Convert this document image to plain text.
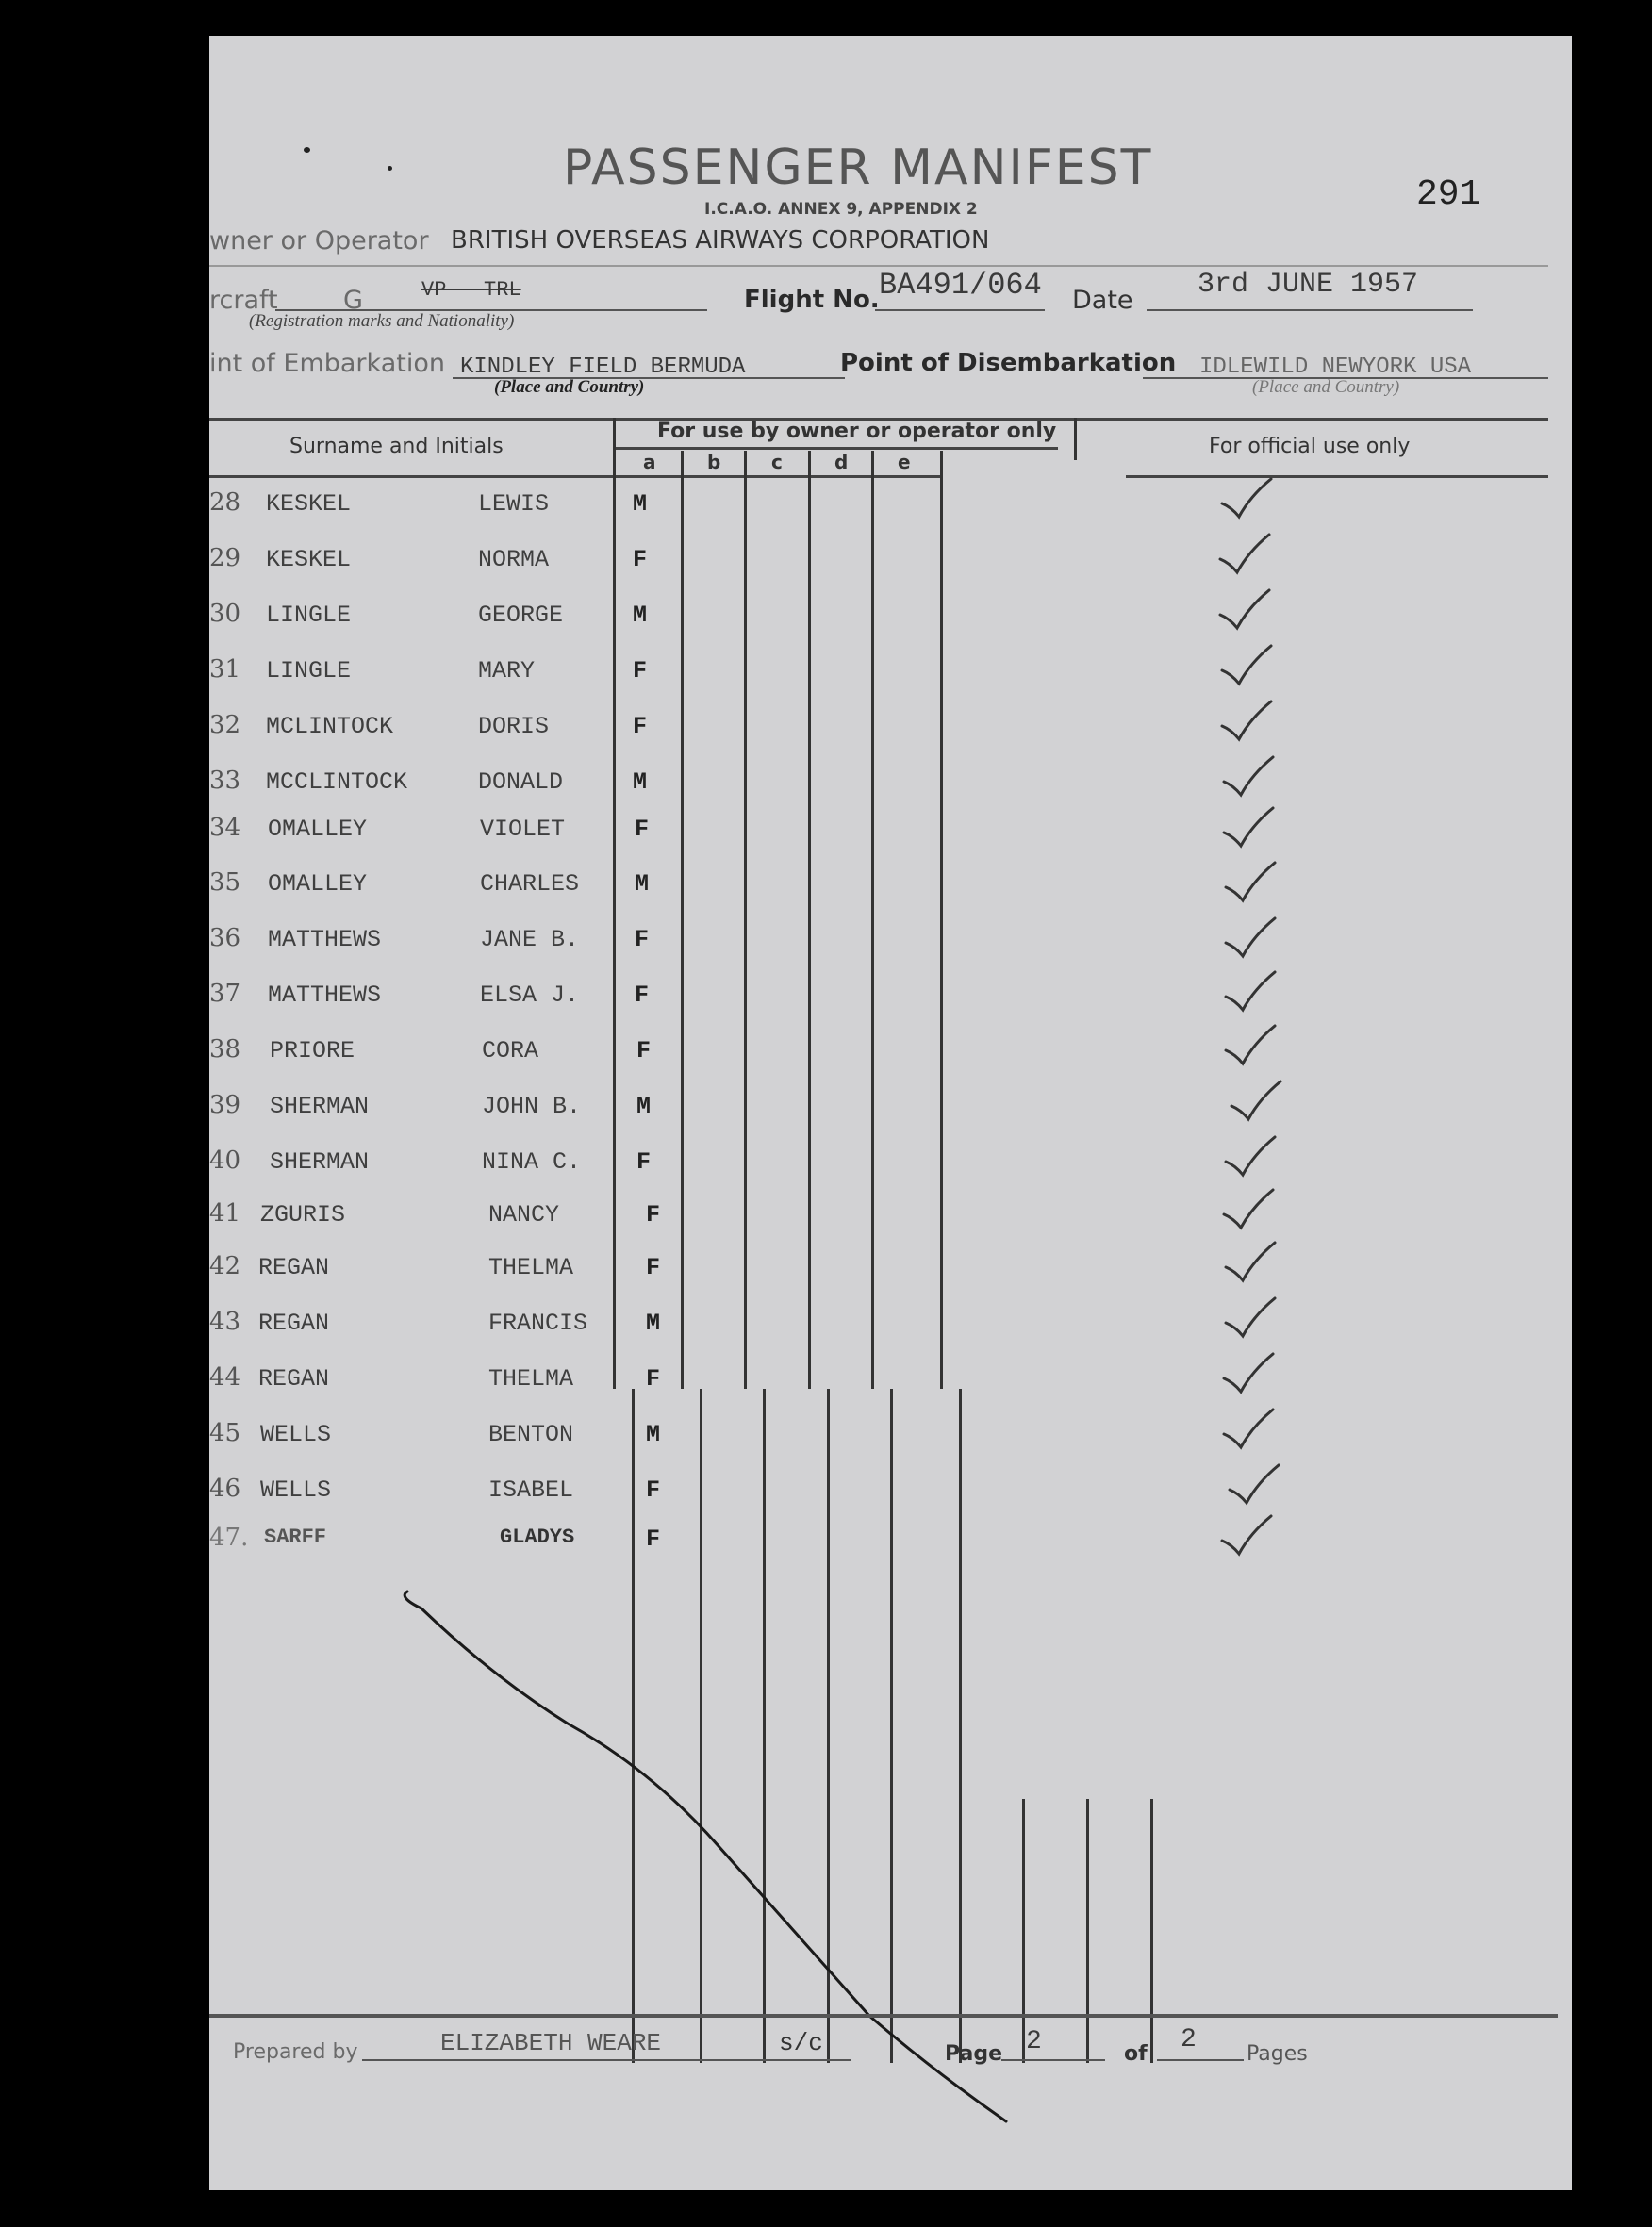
PASSENGER MANIFEST
I.C.A.O. ANNEX 9, APPENDIX 2	291
wner or Operator BRITISH OVERSEAS AIRWAYS CORPORATION
rcraft	G	VP - TRL	Flight No. BA491/064 Date 3rd JUNE 1957
(Registration marks and Nationality)
int of Embarkation KINDLEY FIELD BERMUDA
(Place and Country)
Point of Disembarkation IDLEWILD NEWYORK USA
(Place and Country)
For use by owner or operator only
Surname and Initials	For official use only
a	b	c	d	e
28 KESKEL	LEWIS	M
29 KESKEL	NORMA	F
30 LINGLE	GEORGE	M
31 LINGLE	MARY	F
32 MCLINTOCK	DORIS	F
33 MCCLINTOCK	DONALD	M
34 OMALLEY	VIOLET	F
35 OMALLEY	CHARLES M
36 MATTHEWS	JANE B. F
37 MATTHEWS	ELSA J. F
38 PRIORE	CORA	F
39 SHERMAN	JOHN B. M
40 SHERMAN	NINA C. F
41 ZGURIS	NANCY	F
42 REGAN	THELMA	F
43 REGAN	FRANCIS M
44 REGAN	THELMA	F
45 WELLS	BENTON	M
46 WELLS	ISABEL	F
47. SARFF	GLADYS	F
Prepared by	ELIZABETH WEARE	s/c	Page 2	of 2 Pages
